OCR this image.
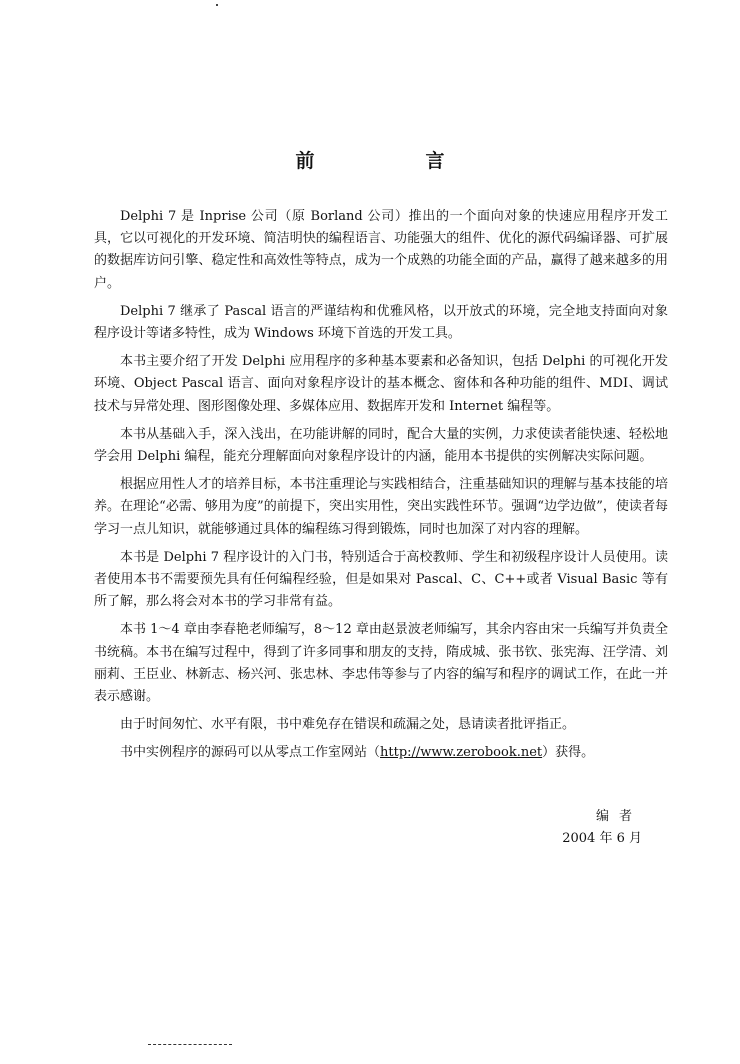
前　言

Delphi 7 是 Inprise 公司（原 Borland 公司）推出的一个面向对象的快速应用程序开发工具，它以可视化的开发环境、简洁明快的编程语言、功能强大的组件、优化的源代码编译器、可扩展的数据库访问引擎、稳定性和高效性等特点，成为一个成熟的功能全面的产品，赢得了越来越多的用户。

Delphi 7 继承了 Pascal 语言的严谨结构和优雅风格，以开放式的环境，完全地支持面向对象程序设计等诸多特性，成为 Windows 环境下首选的开发工具。

本书主要介绍了开发 Delphi 应用程序的多种基本要素和必备知识，包括 Delphi 的可视化开发环境、Object Pascal 语言、面向对象程序设计的基本概念、窗体和各种功能的组件、MDI、调试技术与异常处理、图形图像处理、多媒体应用、数据库开发和 Internet 编程等。

本书从基础入手，深入浅出，在功能讲解的同时，配合大量的实例，力求使读者能快速、轻松地学会用 Delphi 编程，能充分理解面向对象程序设计的内涵，能用本书提供的实例解决实际问题。

根据应用性人才的培养目标，本书注重理论与实践相结合，注重基础知识的理解与基本技能的培养。在理论“必需、够用为度”的前提下，突出实用性，突出实践性环节。强调“边学边做”，使读者每学习一点儿知识，就能够通过具体的编程练习得到锻炼，同时也加深了对内容的理解。

本书是 Delphi 7 程序设计的入门书，特别适合于高校教师、学生和初级程序设计人员使用。读者使用本书不需要预先具有任何编程经验，但是如果对 Pascal、C、C++或者 Visual Basic 等有所了解，那么将会对本书的学习非常有益。

本书 1～4 章由李春艳老师编写，8～12 章由赵景波老师编写，其余内容由宋一兵编写并负责全书统稿。本书在编写过程中，得到了许多同事和朋友的支持，隋成城、张书钦、张宪海、汪学清、刘丽莉、王臣业、林新志、杨兴河、张忠林、李忠伟等参与了内容的编写和程序的调试工作，在此一并表示感谢。

由于时间匆忙、水平有限，书中难免存在错误和疏漏之处，恳请读者批评指正。

书中实例程序的源码可以从零点工作室网站（http://www.zerobook.net）获得。

编者
2004 年 6 月
